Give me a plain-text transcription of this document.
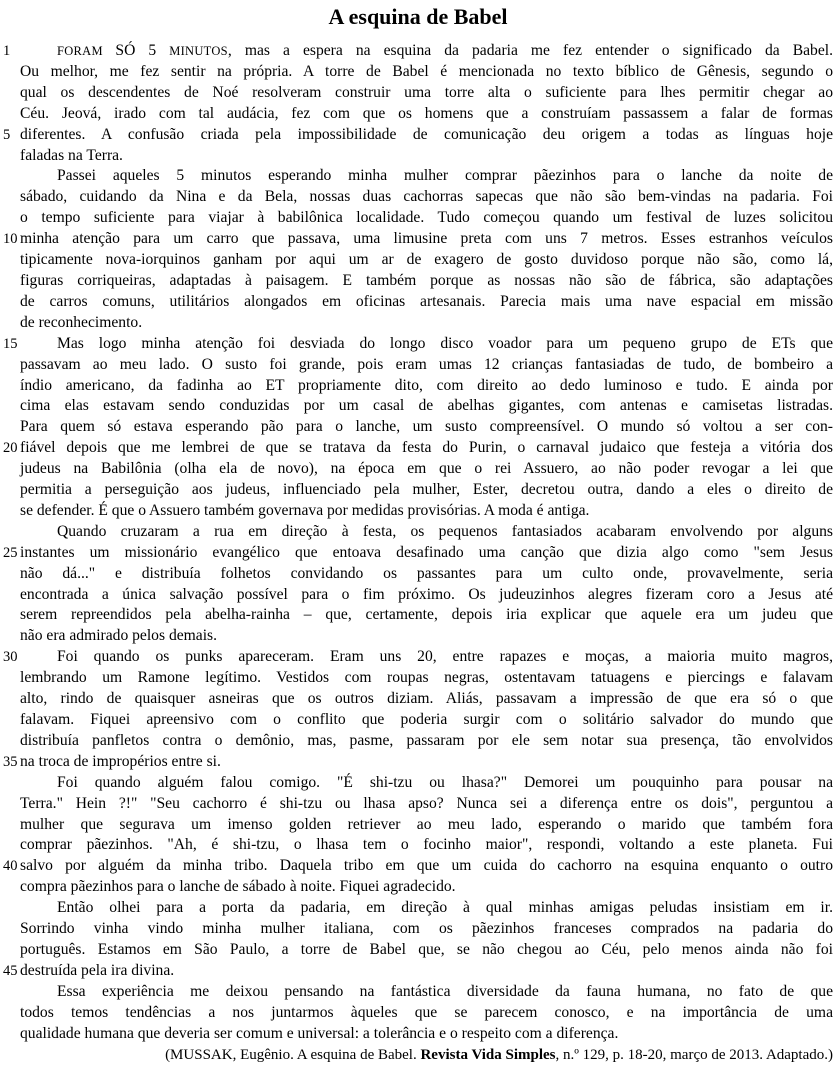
A esquina de Babel
1	FORAM SÓ 5 MINUTOS, mas a espera na esquina da padaria me fez entender o significado da Babel.
Ou melhor, me fez sentir na própria. A torre de Babel é mencionada no texto bíblico de Gênesis, segundo o
qual os descendentes de Noé resolveram construir uma torre alta o suficiente para lhes permitir chegar ao
Céu. Jeová, irado com tal audácia, fez com que os homens que a construíam passassem a falar de formas
5 diferentes. A confusão criada pela impossibilidade de comunicação deu origem a todas as línguas hoje
faladas na Terra.
Passei aqueles 5 minutos esperando minha mulher comprar pãezinhos para o lanche da noite de
sábado, cuidando da Nina e da Bela, nossas duas cachorras sapecas que não são bem-vindas na padaria. Foi
o tempo suficiente para viajar à babilônica localidade. Tudo começou quando um festival de luzes solicitou
10 minha atenção para um carro que passava, uma limusine preta com uns 7 metros. Esses estranhos veículos
tipicamente nova-iorquinos ganham por aqui um ar de exagero de gosto duvidoso porque não são, como lá,
figuras corriqueiras, adaptadas à paisagem. E também porque as nossas não são de fábrica, são adaptações
de carros comuns, utilitários alongados em oficinas artesanais. Parecia mais uma nave espacial em missão
de reconhecimento.
15	Mas logo minha atenção foi desviada do longo disco voador para um pequeno grupo de ETs que
passavam ao meu lado. O susto foi grande, pois eram umas 12 crianças fantasiadas de tudo, de bombeiro a
índio americano, da fadinha ao ET propriamente dito, com direito ao dedo luminoso e tudo. E ainda por
cima elas estavam sendo conduzidas por um casal de abelhas gigantes, com antenas e camisetas listradas.
Para quem só estava esperando pão para o lanche, um susto compreensível. O mundo só voltou a ser con-
20 fiável depois que me lembrei de que se tratava da festa do Purin, o carnaval judaico que festeja a vitória dos
judeus na Babilônia (olha ela de novo), na época em que o rei Assuero, ao não poder revogar a lei que
permitia a perseguição aos judeus, influenciado pela mulher, Ester, decretou outra, dando a eles o direito de
se defender. É que o Assuero também governava por medidas provisórias. A moda é antiga.
Quando cruzaram a rua em direção à festa, os pequenos fantasiados acabaram envolvendo por alguns
25 instantes um missionário evangélico que entoava desafinado uma canção que dizia algo como "sem Jesus
não dá..." e distribuía folhetos convidando os passantes para um culto onde, provavelmente, seria
encontrada a única salvação possível para o fim próximo. Os judeuzinhos alegres fizeram coro a Jesus até
serem repreendidos pela abelha-rainha – que, certamente, depois iria explicar que aquele era um judeu que
não era admirado pelos demais.
30	Foi quando os punks apareceram. Eram uns 20, entre rapazes e moças, a maioria muito magros,
lembrando um Ramone legítimo. Vestidos com roupas negras, ostentavam tatuagens e piercings e falavam
alto, rindo de quaisquer asneiras que os outros diziam. Aliás, passavam a impressão de que era só o que
falavam. Fiquei apreensivo com o conflito que poderia surgir com o solitário salvador do mundo que
distribuía panfletos contra o demônio, mas, pasme, passaram por ele sem notar sua presença, tão envolvidos
35 na troca de impropérios entre si.
Foi quando alguém falou comigo. "É shi-tzu ou lhasa?" Demorei um pouquinho para pousar na
Terra." Hein ?!" "Seu cachorro é shi-tzu ou lhasa apso? Nunca sei a diferença entre os dois", perguntou a
mulher que segurava um imenso golden retriever ao meu lado, esperando o marido que também fora
comprar pãezinhos. "Ah, é shi-tzu, o lhasa tem o focinho maior", respondi, voltando a este planeta. Fui
40 salvo por alguém da minha tribo. Daquela tribo em que um cuida do cachorro na esquina enquanto o outro
compra pãezinhos para o lanche de sábado à noite. Fiquei agradecido.
Então olhei para a porta da padaria, em direção à qual minhas amigas peludas insistiam em ir.
Sorrindo vinha vindo minha mulher italiana, com os pãezinhos franceses comprados na padaria do
português. Estamos em São Paulo, a torre de Babel que, se não chegou ao Céu, pelo menos ainda não foi
45 destruída pela ira divina.
Essa experiência me deixou pensando na fantástica diversidade da fauna humana, no fato de que
todos temos tendências a nos juntarmos àqueles que se parecem conosco, e na importância de uma
qualidade humana que deveria ser comum e universal: a tolerância e o respeito com a diferença.
(MUSSAK, Eugênio. A esquina de Babel. Revista Vida Simples, n.º 129, p. 18-20, março de 2013. Adaptado.)
